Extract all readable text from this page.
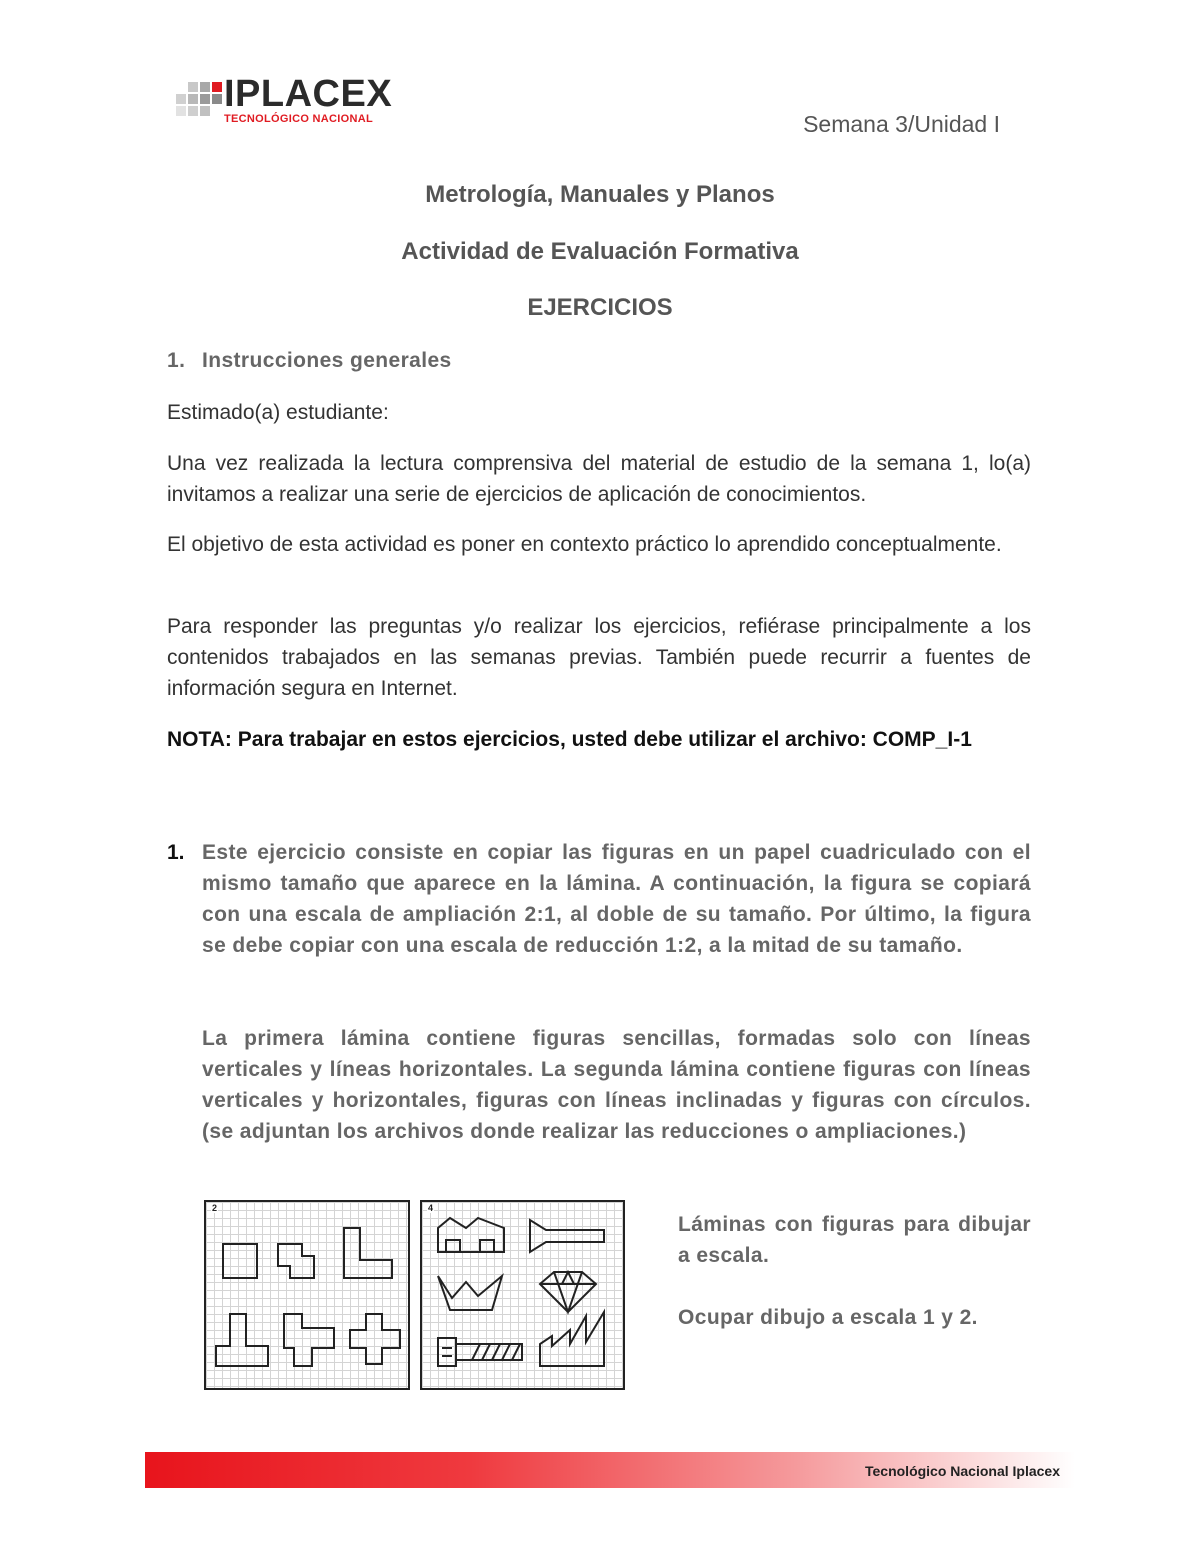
IPLACEX
TECNOLÓGICO NACIONAL	Semana 3/Unidad I
Metrología, Manuales y Planos
Actividad de Evaluación Formativa
EJERCICIOS
1. Instrucciones generales
Estimado(a) estudiante:
Una vez realizada la lectura comprensiva del material de estudio de la semana 1, lo(a) invitamos a realizar una serie de ejercicios de aplicación de conocimientos.
El objetivo de esta actividad es poner en contexto práctico lo aprendido conceptualmente.
Para responder las preguntas y/o realizar los ejercicios, refiérase principalmente a los contenidos trabajados en las semanas previas. También puede recurrir a fuentes de información segura en Internet.
NOTA: Para trabajar en estos ejercicios, usted debe utilizar el archivo: COMP_I-1
1. Este ejercicio consiste en copiar las figuras en un papel cuadriculado con el mismo tamaño que aparece en la lámina. A continuación, la figura se copiará con una escala de ampliación 2:1, al doble de su tamaño. Por último, la figura se debe copiar con una escala de reducción 1:2, a la mitad de su tamaño.
La primera lámina contiene figuras sencillas, formadas solo con líneas verticales y líneas horizontales. La segunda lámina contiene figuras con líneas verticales y horizontales, figuras con líneas inclinadas y figuras con círculos. (se adjuntan los archivos donde realizar las reducciones o ampliaciones.)
2	4
Láminas con figuras para dibujar a escala.
Ocupar dibujo a escala 1 y 2.
Tecnológico Nacional Iplacex
